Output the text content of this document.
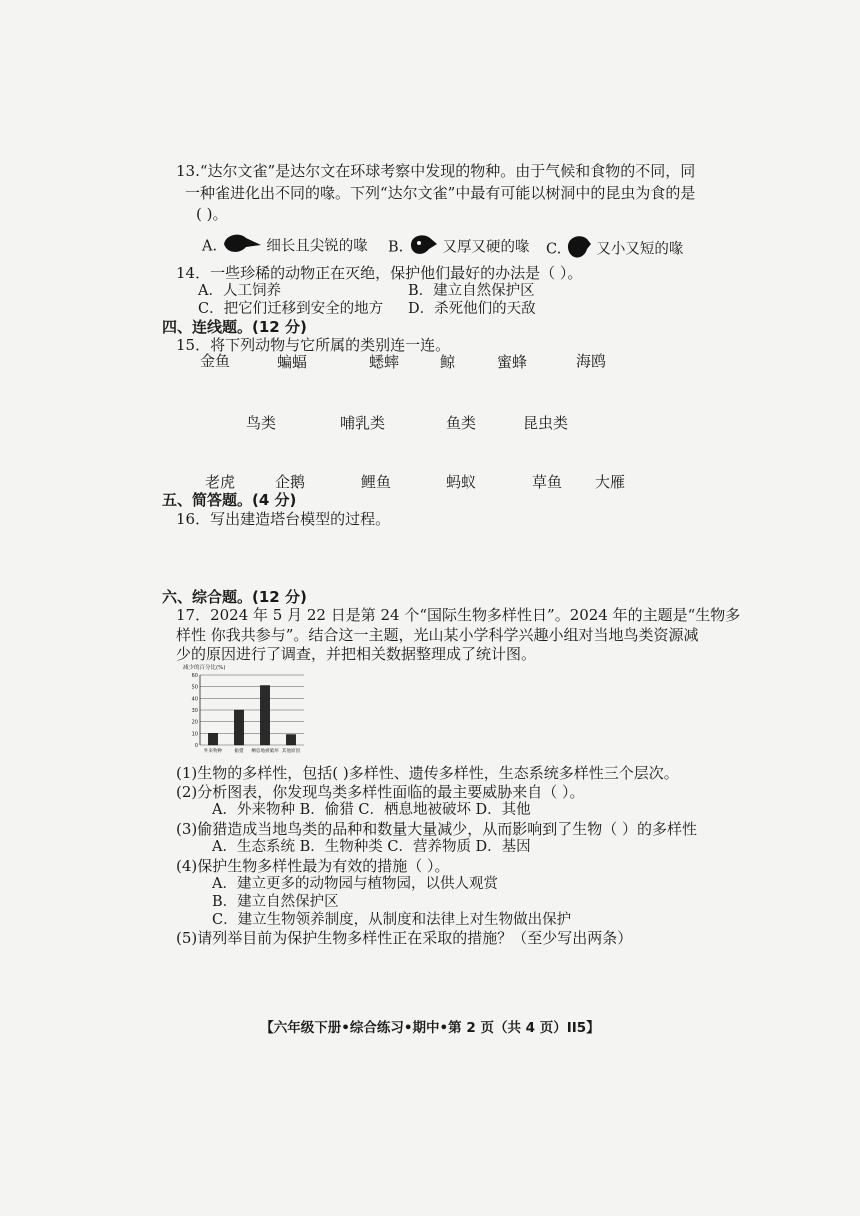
13.“达尔文雀”是达尔文在环球考察中发现的物种。由于气候和食物的不同，同
一种雀进化出不同的喙。下列“达尔文雀”中最有可能以树洞中的昆虫为食的是
( )。
A.	细长且尖锐的喙 B.	又厚又硬的喙 C. 又小又短的喙
14．一些珍稀的动物正在灭绝，保护他们最好的办法是（ ）。
A．人工饲养	B．建立自然保护区
C．把它们迁移到安全的地方 D．杀死他们的天敌
四、连线题。(12 分)
15．将下列动物与它所属的类别连一连。
金鱼	蝙蝠	蟋蟀	鲸	蜜蜂	海鸥
鸟类	哺乳类	鱼类	昆虫类
老虎	企鹅	鲤鱼	蚂蚁	草鱼 大雁
五、简答题。(4 分)
16．写出建造塔台模型的过程。
六、综合题。(12 分)
17．2024 年 5 月 22 日是第 24 个“国际生物多样性日”。2024 年的主题是“生物多
样性 你我共参与”。结合这一主题，光山某小学科学兴趣小组对当地鸟类资源减
少的原因进行了调查，并把相关数据整理成了统计图。
减少的百分比(%)
0
10
20
30
40
50
60
外来物种	偷猎 栖息地被破坏 其他原因
(1)生物的多样性，包括( )多样性、遗传多样性，生态系统多样性三个层次。
(2)分析图表，你发现鸟类多样性面临的最主要威胁来自（ ）。
A．外来物种 B．偷猎 C．栖息地被破坏 D．其他
(3)偷猎造成当地鸟类的品种和数量大量减少，从而影响到了生物（ ）的多样性
A．生态系统 B．生物种类 C．营养物质 D．基因
(4)保护生物多样性最为有效的措施（ ）。
A．建立更多的动物园与植物园，以供人观赏
B．建立自然保护区
C．建立生物领养制度，从制度和法律上对生物做出保护
(5)请列举目前为保护生物多样性正在采取的措施？（至少写出两条）
【六年级下册•综合练习•期中•第 2 页（共 4 页）II5】
